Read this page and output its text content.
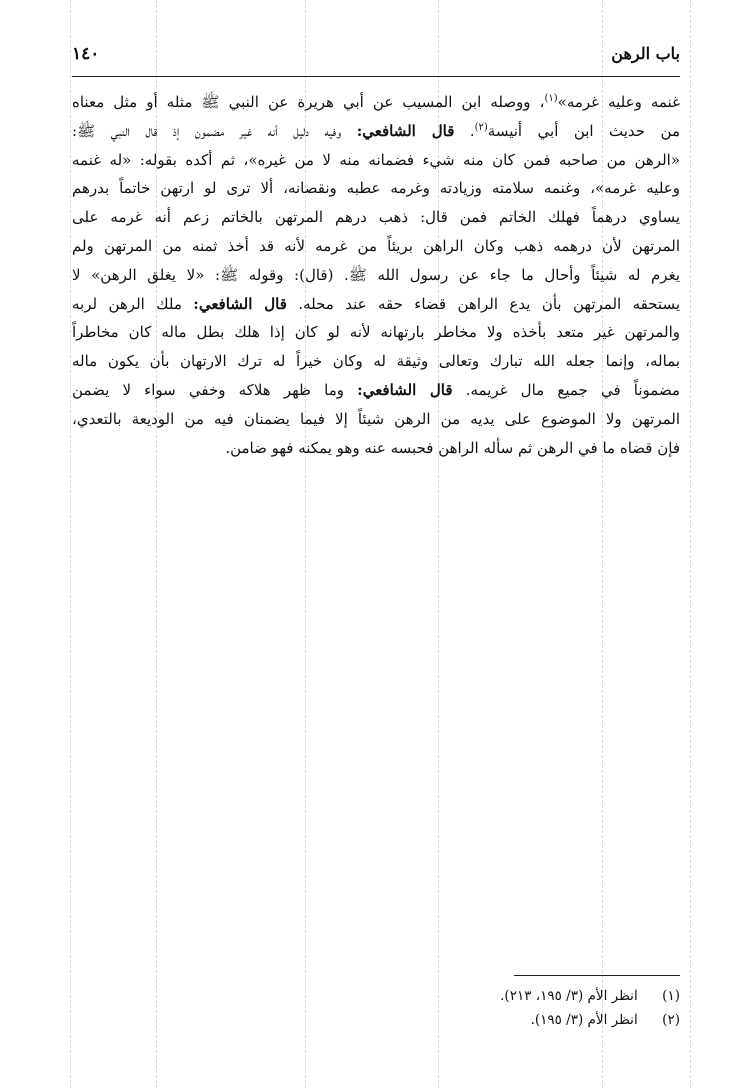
باب الرهن
١٤٠
غنمه وعليه غرمه»$^{(١)}$، ووصله ابن المسيب عن أبي هريرة عن النبي ﷺ مثله أو مثل معناه
من حديث ابن أبي أنيسة$^{(٢)}$. قال الشافعي: وفيه دليل أنه غير مضمون إذ قال النبي ﷺ:
«الرهن من صاحبه فمن كان منه شيء فضمانه منه لا من غيره»، ثم أكده بقوله: «له غنمه
وعليه غرمه»، وغنمه سلامته وزيادته وغرمه عطبه ونقصانه، ألا ترى لو ارتهن خاتماً بدرهم
يساوي درهماً فهلك الخاتم فمن قال: ذهب درهم المرتهن بالخاتم زعم أنه غرمه على
المرتهن لأن درهمه ذهب وكان الراهن بريئاً من غرمه لأنه قد أخذ ثمنه من المرتهن ولم
يغرم له شيئاً وأحال ما جاء عن رسول الله ﷺ. (قال): وقوله ﷺ: «لا يغلق الرهن» لا
يستحقه المرتهن بأن يدع الراهن قضاء حقه عند محله. قال الشافعي: ملك الرهن لربه
والمرتهن غير متعد بأخذه ولا مخاطر بارتهانه لأنه لو كان إذا هلك بطل ماله كان مخاطراً
بماله، وإنما جعله الله تبارك وتعالى وثيقة له وكان خيراً له ترك الارتهان بأن يكون ماله
مضموناً في جميع مال غريمه. قال الشافعي: وما ظهر هلاكه وخفي سواء لا يضمن
المرتهن ولا الموضوع على يديه من الرهن شيئاً إلا فيما يضمنان فيه من الوديعة بالتعدي،
فإن قضاه ما في الرهن ثم سأله الراهن فحبسه عنه وهو يمكنه فهو ضامن.
(١) انظر الأم (٣/ ١٩٥، ٢١٣).
(٢) انظر الأم (٣/ ١٩٥).
